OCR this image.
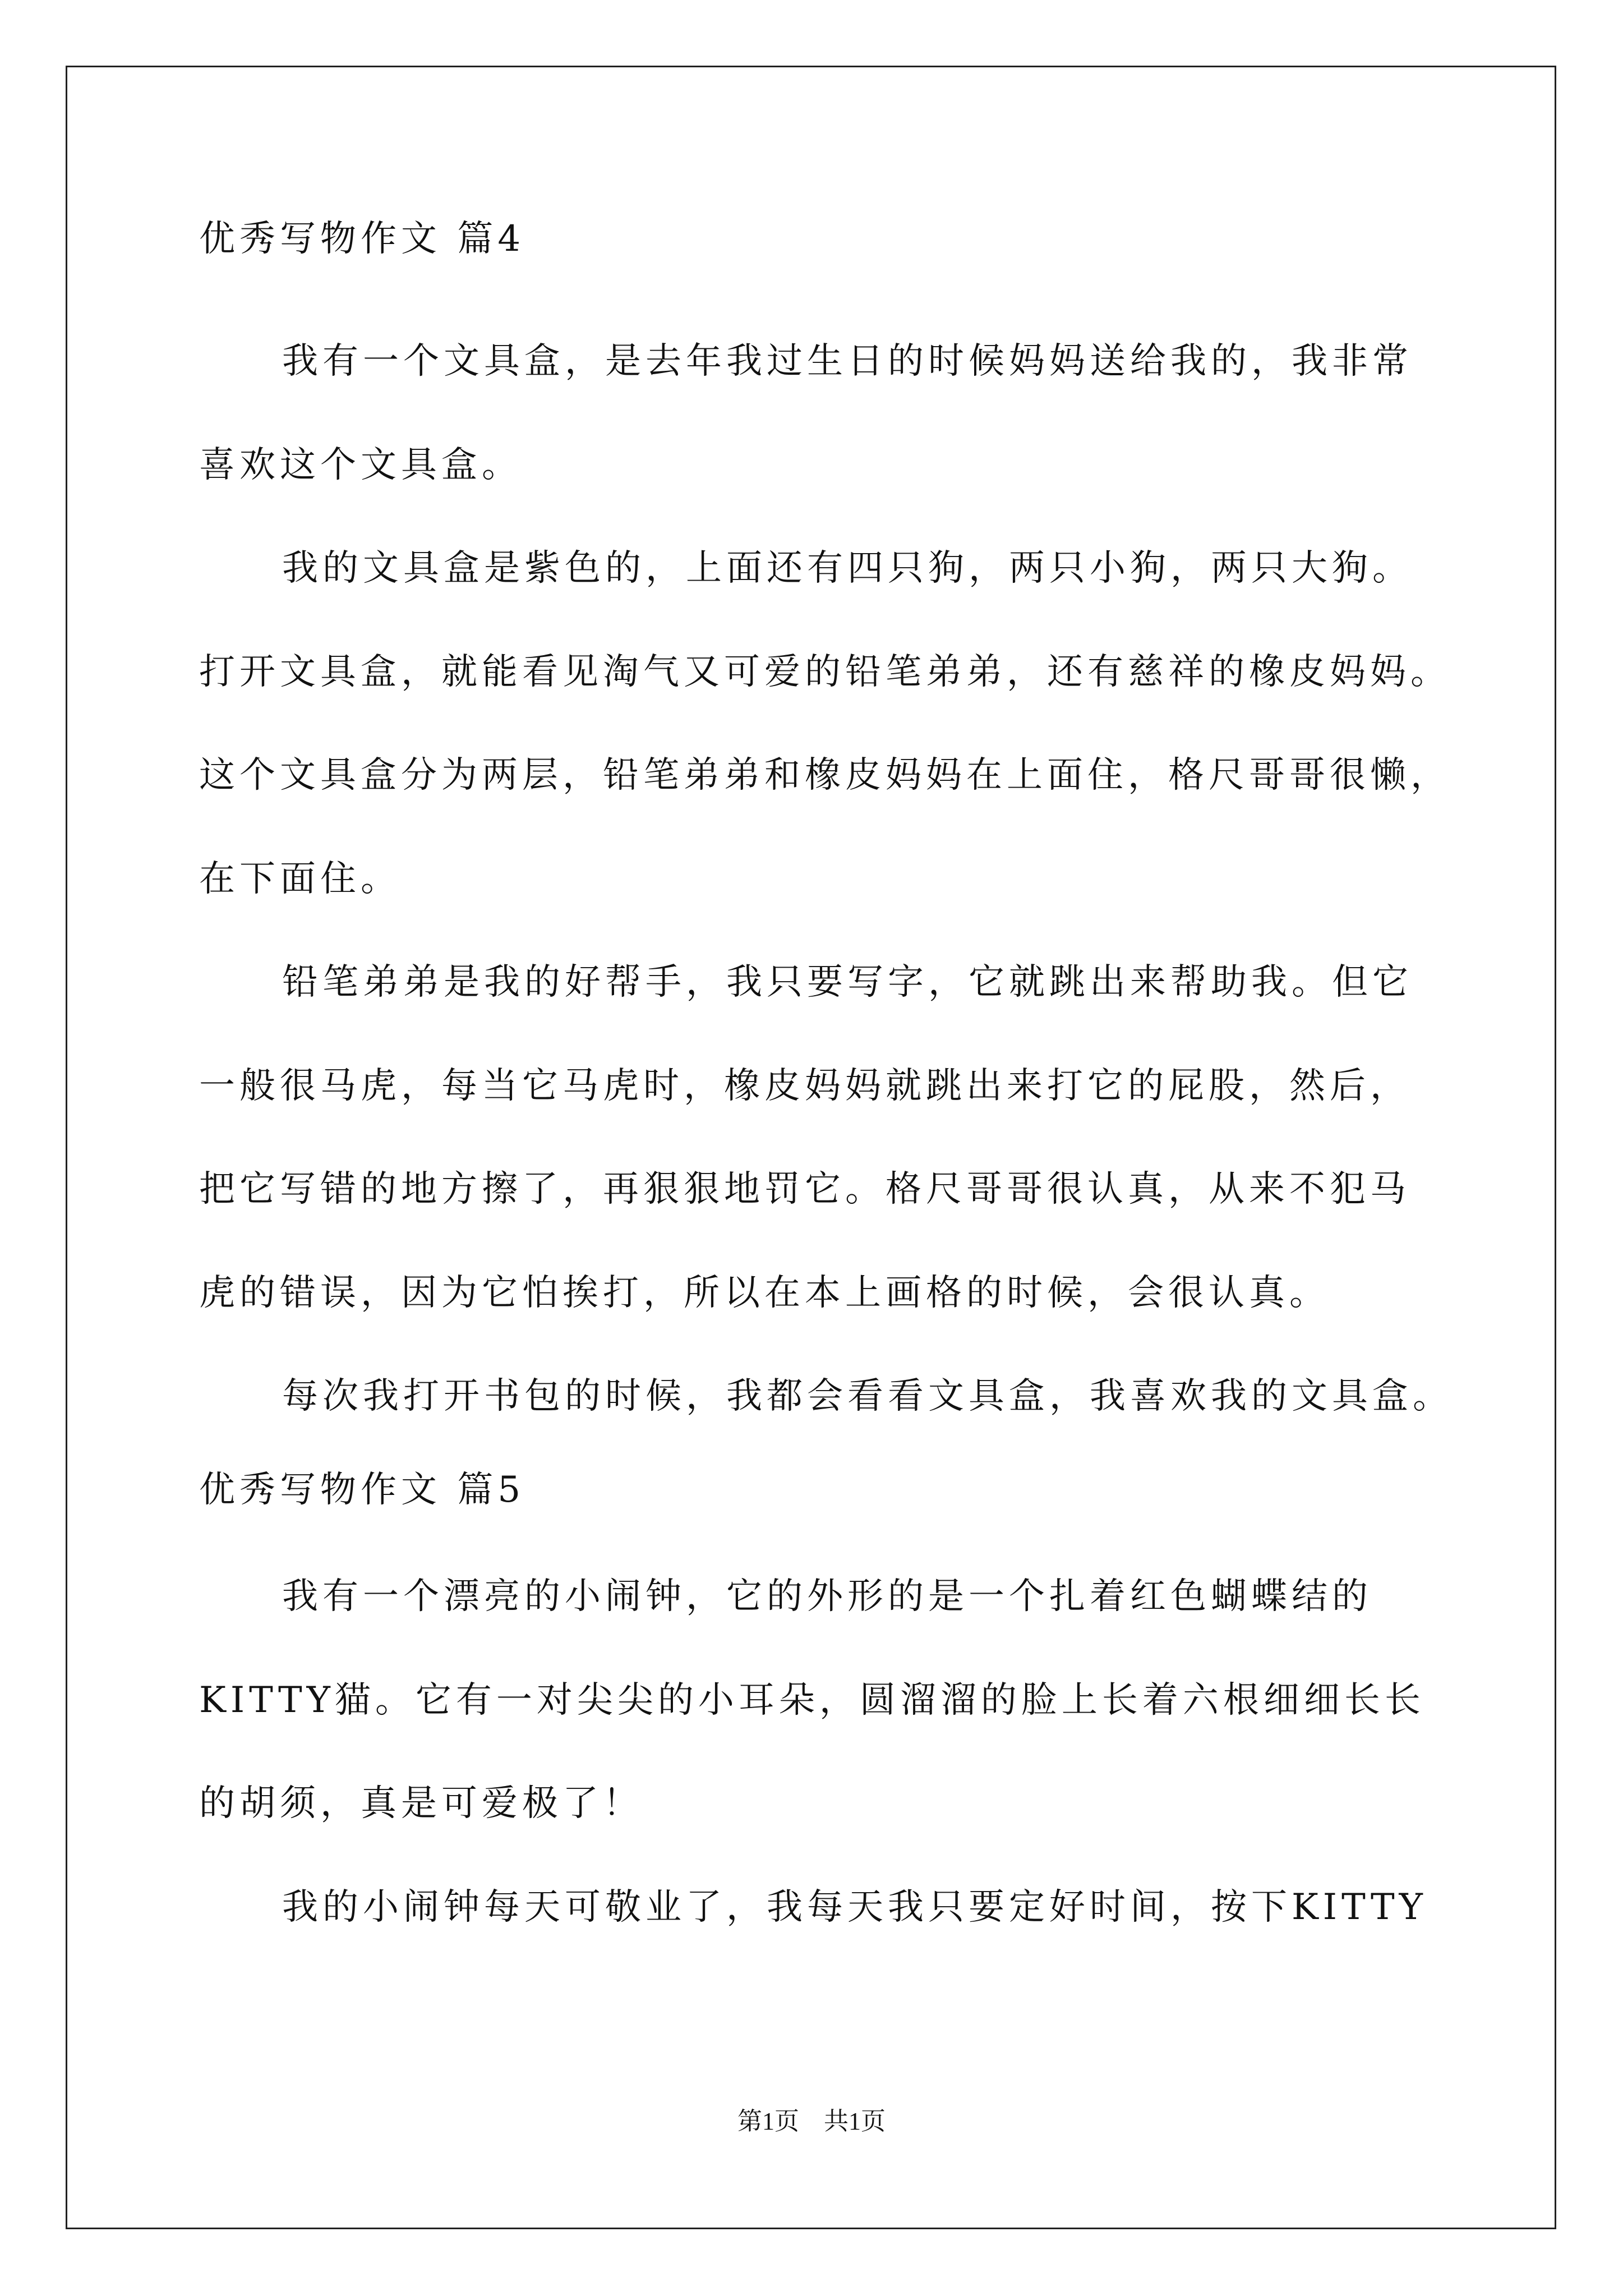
优秀写物作文 篇4
我有一个文具盒，是去年我过生日的时候妈妈送给我的，我非常
喜欢这个文具盒。
我的文具盒是紫色的，上面还有四只狗，两只小狗，两只大狗。
打开文具盒，就能看见淘气又可爱的铅笔弟弟，还有慈祥的橡皮妈妈。
这个文具盒分为两层，铅笔弟弟和橡皮妈妈在上面住，格尺哥哥很懒，
在下面住。
铅笔弟弟是我的好帮手，我只要写字，它就跳出来帮助我。但它
一般很马虎，每当它马虎时，橡皮妈妈就跳出来打它的屁股，然后，
把它写错的地方擦了，再狠狠地罚它。格尺哥哥很认真，从来不犯马
虎的错误，因为它怕挨打，所以在本上画格的时候，会很认真。
每次我打开书包的时候，我都会看看文具盒，我喜欢我的文具盒。
优秀写物作文 篇5
我有一个漂亮的小闹钟，它的外形的是一个扎着红色蝴蝶结的
KITTY猫。它有一对尖尖的小耳朵，圆溜溜的脸上长着六根细细长长
的胡须，真是可爱极了！
我的小闹钟每天可敬业了，我每天我只要定好时间，按下KITTY
第1页　共1页
